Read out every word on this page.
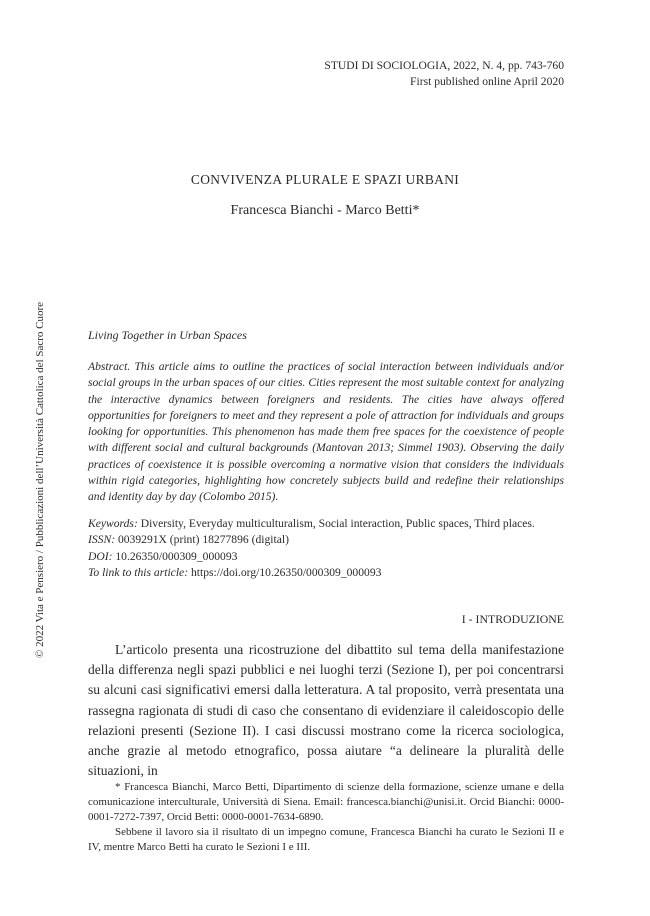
STUDI DI SOCIOLOGIA, 2022, N. 4, pp. 743-760
First published online April 2020
CONVIVENZA PLURALE E SPAZI URBANI
Francesca Bianchi - Marco Betti*
Living Together in Urban Spaces
Abstract. This article aims to outline the practices of social interaction between individuals and/or social groups in the urban spaces of our cities. Cities represent the most suitable context for analyzing the interactive dynamics between foreigners and residents. The cities have always offered opportunities for foreigners to meet and they represent a pole of attraction for individuals and groups looking for opportunities. This phenomenon has made them free spaces for the coexistence of people with different social and cultural backgrounds (Mantovan 2013; Simmel 1903). Observing the daily practices of coexistence it is possible overcoming a normative vision that considers the individuals within rigid categories, highlighting how concretely subjects build and redefine their relationships and identity day by day (Colombo 2015).
Keywords: Diversity, Everyday multiculturalism, Social interaction, Public spaces, Third places.
ISSN: 0039291X (print) 18277896 (digital)
DOI: 10.26350/000309_000093
To link to this article: https://doi.org/10.26350/000309_000093
I - INTRODUZIONE
L’articolo presenta una ricostruzione del dibattito sul tema della manifestazione della differenza negli spazi pubblici e nei luoghi terzi (Sezione I), per poi concentrarsi su alcuni casi significativi emersi dalla letteratura. A tal proposito, verrà presentata una rassegna ragionata di studi di caso che consentano di evidenziare il caleidoscopio delle relazioni presenti (Sezione II). I casi discussi mostrano come la ricerca sociologica, anche grazie al metodo etnografico, possa aiutare “a delineare la pluralità delle situazioni, in

* Francesca Bianchi, Marco Betti, Dipartimento di scienze della formazione, scienze umane e della comunicazione interculturale, Università di Siena. Email: francesca.bianchi@unisi.it. Orcid Bianchi: 0000-0001-7272-7397, Orcid Betti: 0000-0001-7634-6890.

Sebbene il lavoro sia il risultato di un impegno comune, Francesca Bianchi ha curato le Sezioni II e IV, mentre Marco Betti ha curato le Sezioni I e III.

© 2022 Vita e Pensiero / Pubblicazioni dell’Università Cattolica del Sacro Cuore
